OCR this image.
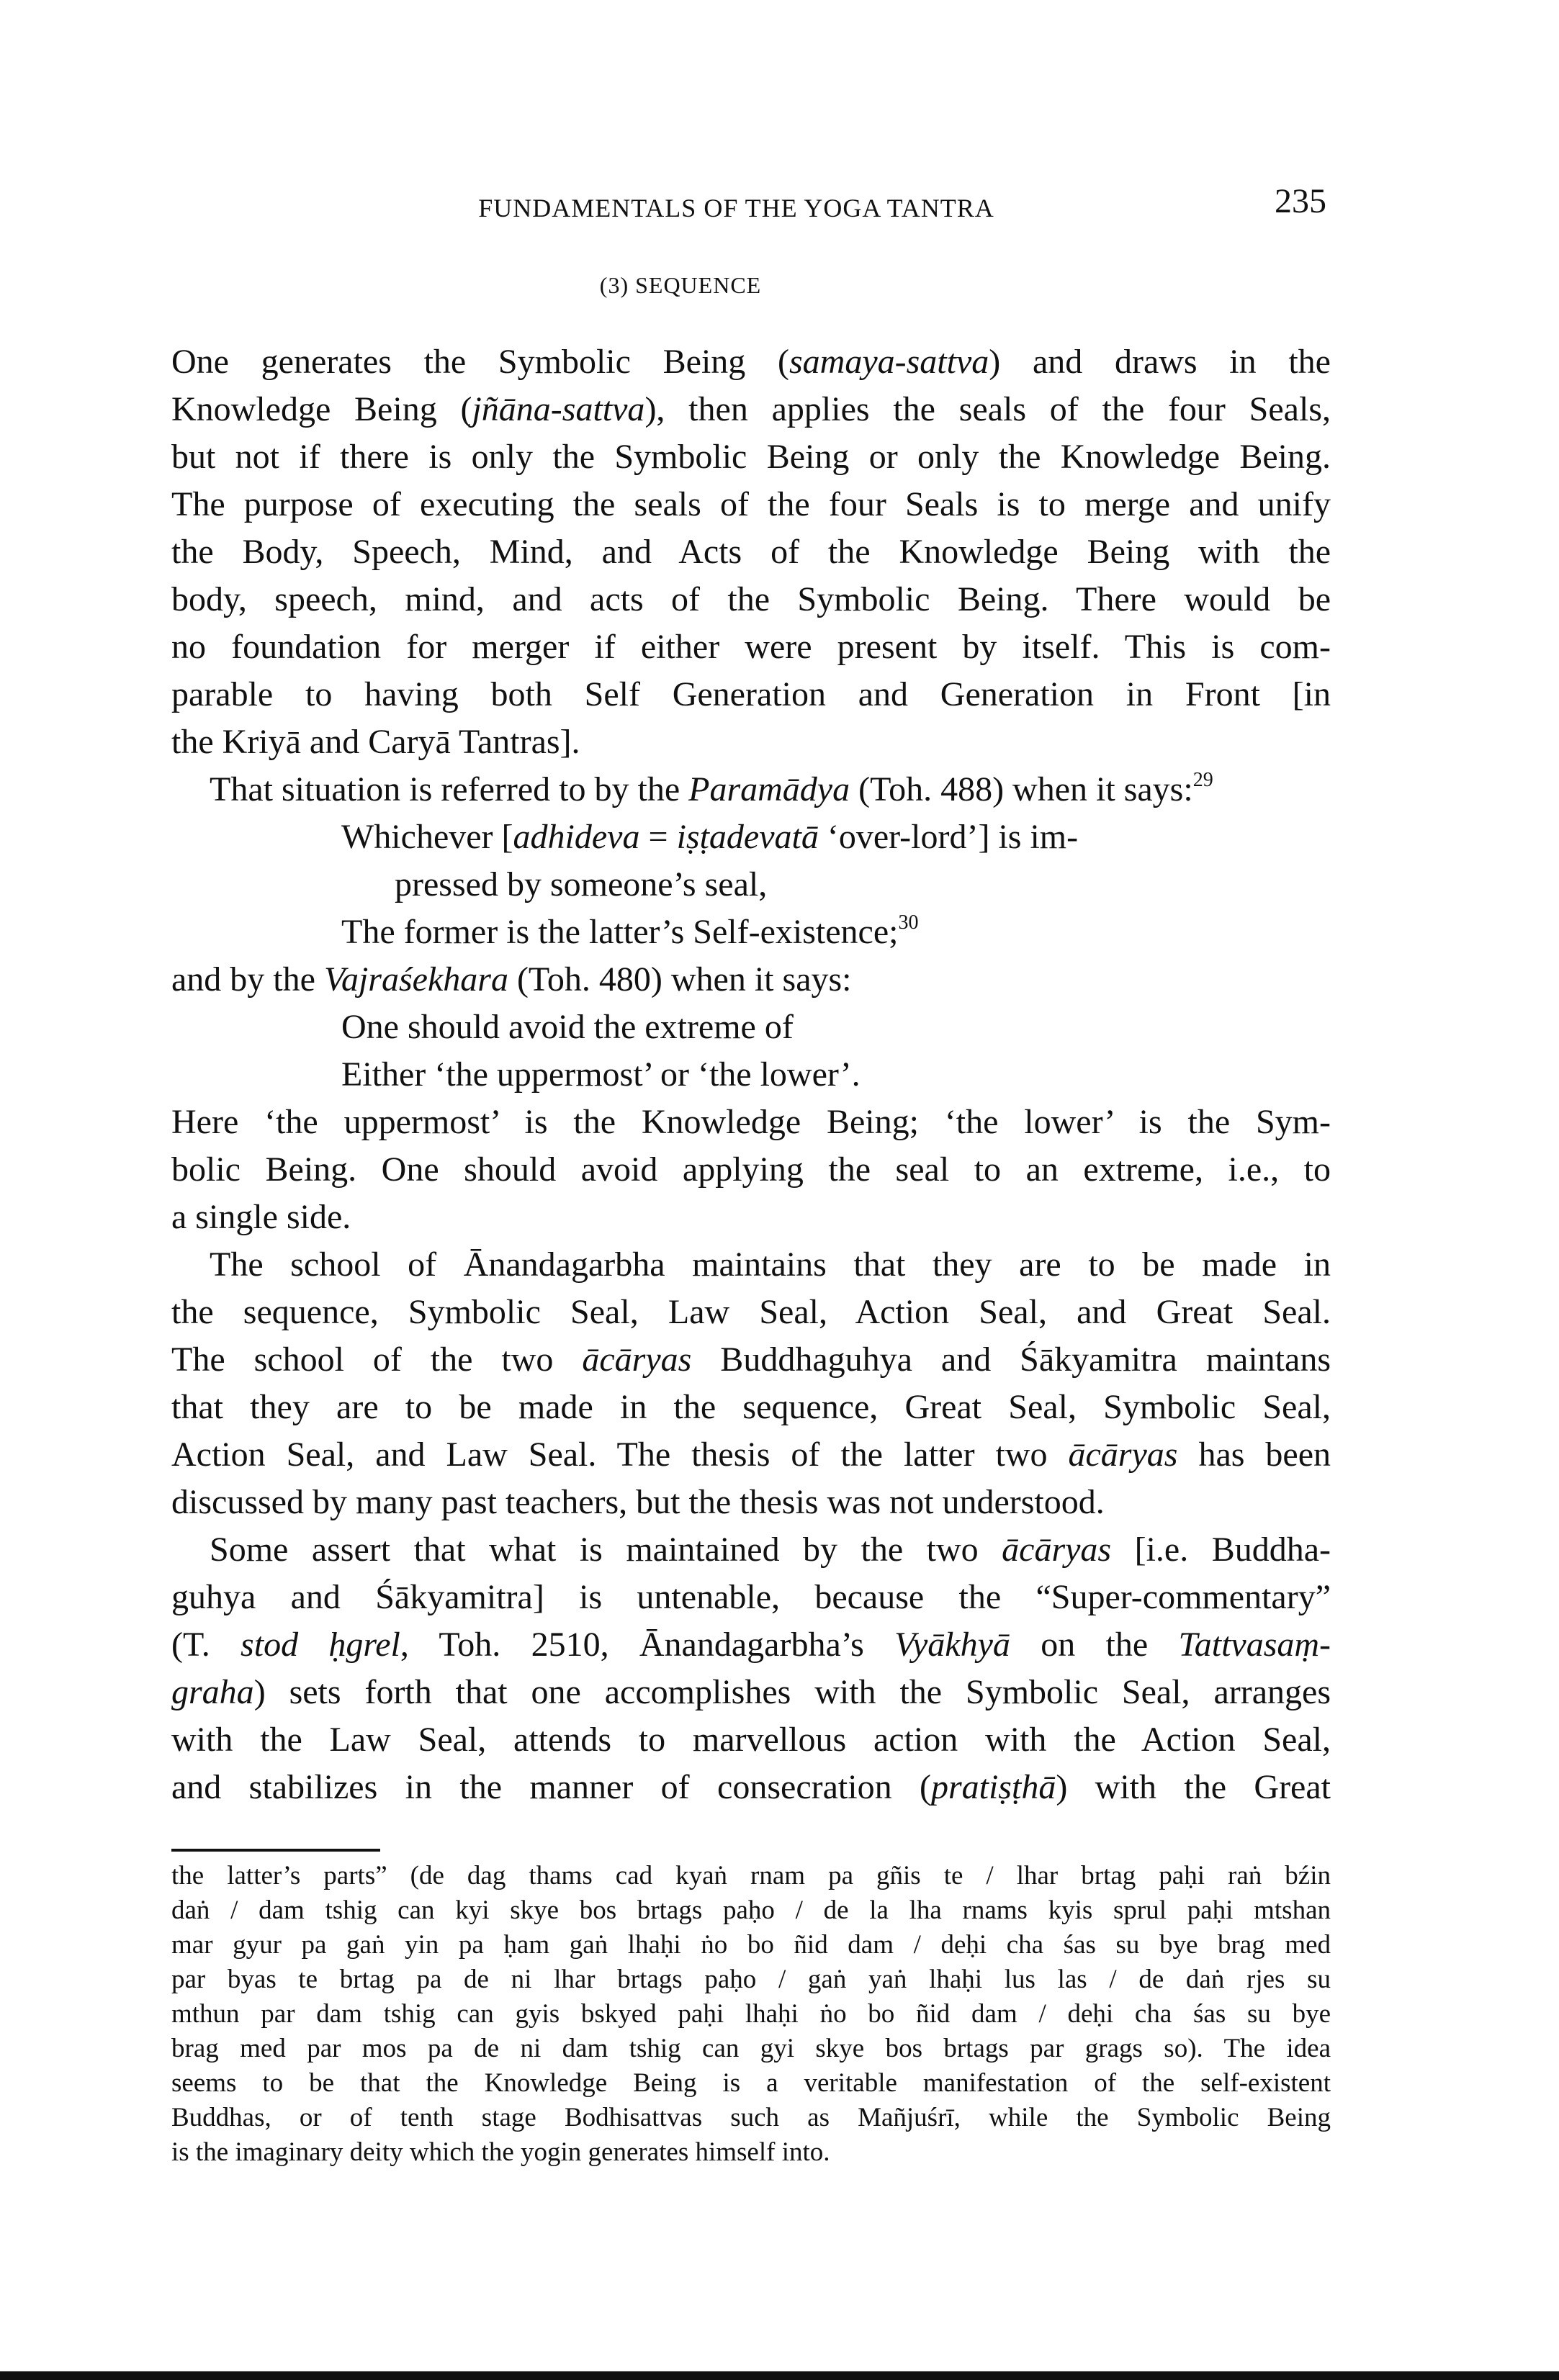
FUNDAMENTALS OF THE YOGA TANTRA	235
(3) SEQUENCE
One generates the Symbolic Being (samaya-sattva) and draws in the
Knowledge Being (jñāna-sattva), then applies the seals of the four Seals,
but not if there is only the Symbolic Being or only the Knowledge Being.
The purpose of executing the seals of the four Seals is to merge and unify
the Body, Speech, Mind, and Acts of the Knowledge Being with the
body, speech, mind, and acts of the Symbolic Being. There would be
no foundation for merger if either were present by itself. This is com-
parable to having both Self Generation and Generation in Front [in
the Kriyā and Caryā Tantras].
That situation is referred to by the Paramādya (Toh. 488) when it says:$^{29}$
Whichever [adhideva = iṣṭadevatā ‘over-lord’] is im-
pressed by someone’s seal,
The former is the latter’s Self-existence;$^{30}$
and by the Vajraśekhara (Toh. 480) when it says:
One should avoid the extreme of
Either ‘the uppermost’ or ‘the lower’.
Here ‘the uppermost’ is the Knowledge Being; ‘the lower’ is the Sym-
bolic Being. One should avoid applying the seal to an extreme, i.e., to
a single side.
The school of Ānandagarbha maintains that they are to be made in
the sequence, Symbolic Seal, Law Seal, Action Seal, and Great Seal.
The school of the two ācāryas Buddhaguhya and Śākyamitra maintans
that they are to be made in the sequence, Great Seal, Symbolic Seal,
Action Seal, and Law Seal. The thesis of the latter two ācāryas has been
discussed by many past teachers, but the thesis was not understood.
Some assert that what is maintained by the two ācāryas [i.e. Buddha-
guhya and Śākyamitra] is untenable, because the “Super-commentary”
(T. stod ḥgrel, Toh. 2510, Ānandagarbha’s Vyākhyā on the Tattvasaṃ-
graha) sets forth that one accomplishes with the Symbolic Seal, arranges
with the Law Seal, attends to marvellous action with the Action Seal,
and stabilizes in the manner of consecration (pratiṣṭhā) with the Great
the latter’s parts” (de dag thams cad kyaṅ rnam pa gñis te / lhar brtag paḥi raṅ bźin
daṅ / dam tshig can kyi skye bos brtags paḥo / de la lha rnams kyis sprul paḥi mtshan
mar gyur pa gaṅ yin pa ḥam gaṅ lhaḥi ṅo bo ñid dam / deḥi cha śas su bye brag med
par byas te brtag pa de ni lhar brtags paḥo / gaṅ yaṅ lhaḥi lus las / de daṅ rjes su
mthun par dam tshig can gyis bskyed paḥi lhaḥi ṅo bo ñid dam / deḥi cha śas su bye
brag med par mos pa de ni dam tshig can gyi skye bos brtags par grags so). The idea
seems to be that the Knowledge Being is a veritable manifestation of the self-existent
Buddhas, or of tenth stage Bodhisattvas such as Mañjuśrī, while the Symbolic Being
is the imaginary deity which the yogin generates himself into.
